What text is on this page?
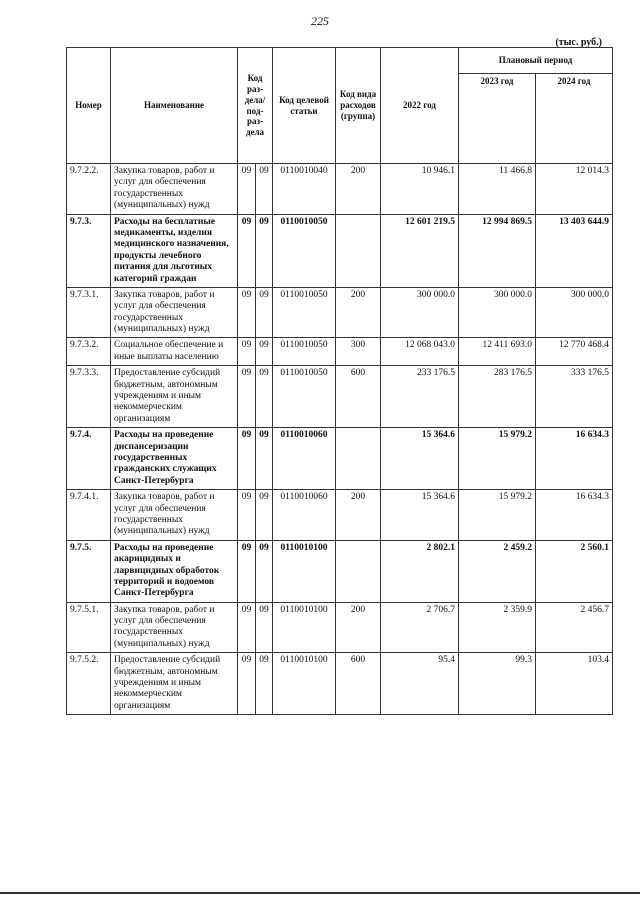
225
(тыс. руб.)
Номер	Наименование	Код раз-дела/ под-раз-дела		Код целевой статьи	Код вида расходов (группа)	2022 год	Плановый период	
							2023 год	2024 год
9.7.2.2.	Закупка товаров, работ и услуг для обеспечения государственных (муниципальных) нужд	09	09	0110010040	200	10 946.1	11 466.8	12 014.3
9.7.3.	Расходы на бесплатные медикаменты, изделия медицинского назначения, продукты лечебного питания для льготных категорий граждан	09	09	0110010050		12 601 219.5	12 994 869.5	13 403 644.9
9.7.3.1.	Закупка товаров, работ и услуг для обеспечения государственных (муниципальных) нужд	09	09	0110010050	200	300 000.0	300 000.0	300 000.0
9.7.3.2.	Социальное обеспечение и иные выплаты населению	09	09	0110010050	300	12 068 043.0	12 411 693.0	12 770 468.4
9.7.3.3.	Предоставление субсидий бюджетным, автономным учреждениям и иным некоммерческим организациям	09	09	0110010050	600	233 176.5	283 176.5	333 176.5
9.7.4.	Расходы на проведение диспансеризации государственных гражданских служащих Санкт-Петербурга	09	09	0110010060		15 364.6	15 979.2	16 634.3
9.7.4.1.	Закупка товаров, работ и услуг для обеспечения государственных (муниципальных) нужд	09	09	0110010060	200	15 364.6	15 979.2	16 634.3
9.7.5.	Расходы на проведение акарицидных и ларвицидных обработок территорий и водоемов Санкт-Петербурга	09	09	0110010100		2 802.1	2 459.2	2 560.1
9.7.5.1.	Закупка товаров, работ и услуг для обеспечения государственных (муниципальных) нужд	09	09	0110010100	200	2 706.7	2 359.9	2 456.7
9.7.5.2.	Предоставление субсидий бюджетным, автономным учреждениям и иным некоммерческим организациям	09	09	0110010100	600	95.4	99.3	103.4
